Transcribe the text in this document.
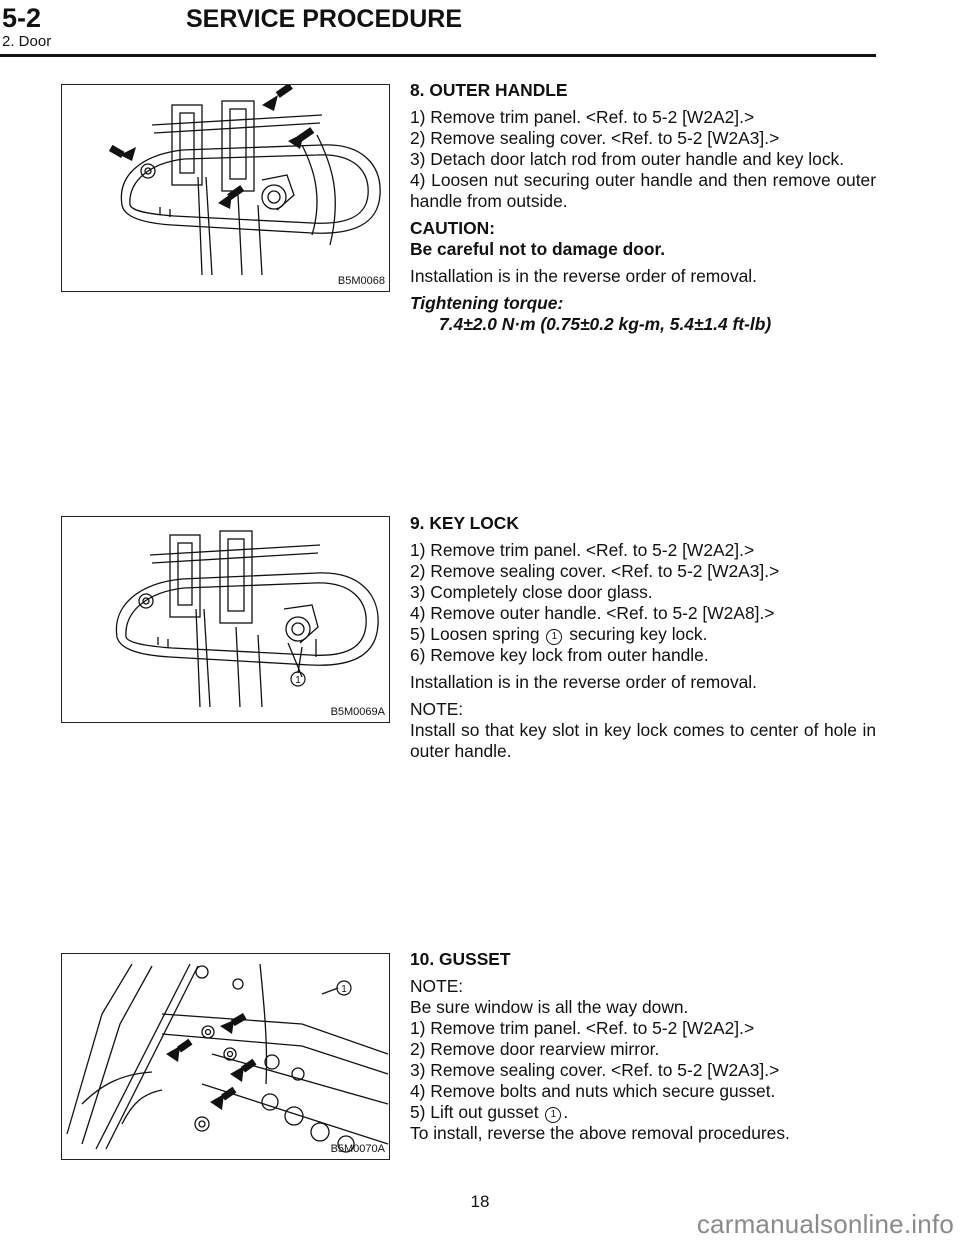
5-2	SERVICE PROCEDURE
2. Door
B5M0068
8. OUTER HANDLE
1) Remove trim panel. <Ref. to 5-2 [W2A2].>
2) Remove sealing cover. <Ref. to 5-2 [W2A3].>
3) Detach door latch rod from outer handle and key lock.
4) Loosen nut securing outer handle and then remove outer handle from outside.
CAUTION:
Be careful not to damage door.
Installation is in the reverse order of removal.
Tightening torque:
7.4±2.0 N·m (0.75±0.2 kg-m, 5.4±1.4 ft-lb)
1
B5M0069A
9. KEY LOCK
1) Remove trim panel. <Ref. to 5-2 [W2A2].>
2) Remove sealing cover. <Ref. to 5-2 [W2A3].>
3) Completely close door glass.
4) Remove outer handle. <Ref. to 5-2 [W2A8].>
5) Loosen spring 1 securing key lock.
6) Remove key lock from outer handle.
Installation is in the reverse order of removal.
NOTE:
Install so that key slot in key lock comes to center of hole in outer handle.
1
B5M0070A
10. GUSSET
NOTE:
Be sure window is all the way down.
1) Remove trim panel. <Ref. to 5-2 [W2A2].>
2) Remove door rearview mirror.
3) Remove sealing cover. <Ref. to 5-2 [W2A3].>
4) Remove bolts and nuts which secure gusset.
5) Lift out gusset 1 .
To install, reverse the above removal procedures.
18
carmanualsonline.info
